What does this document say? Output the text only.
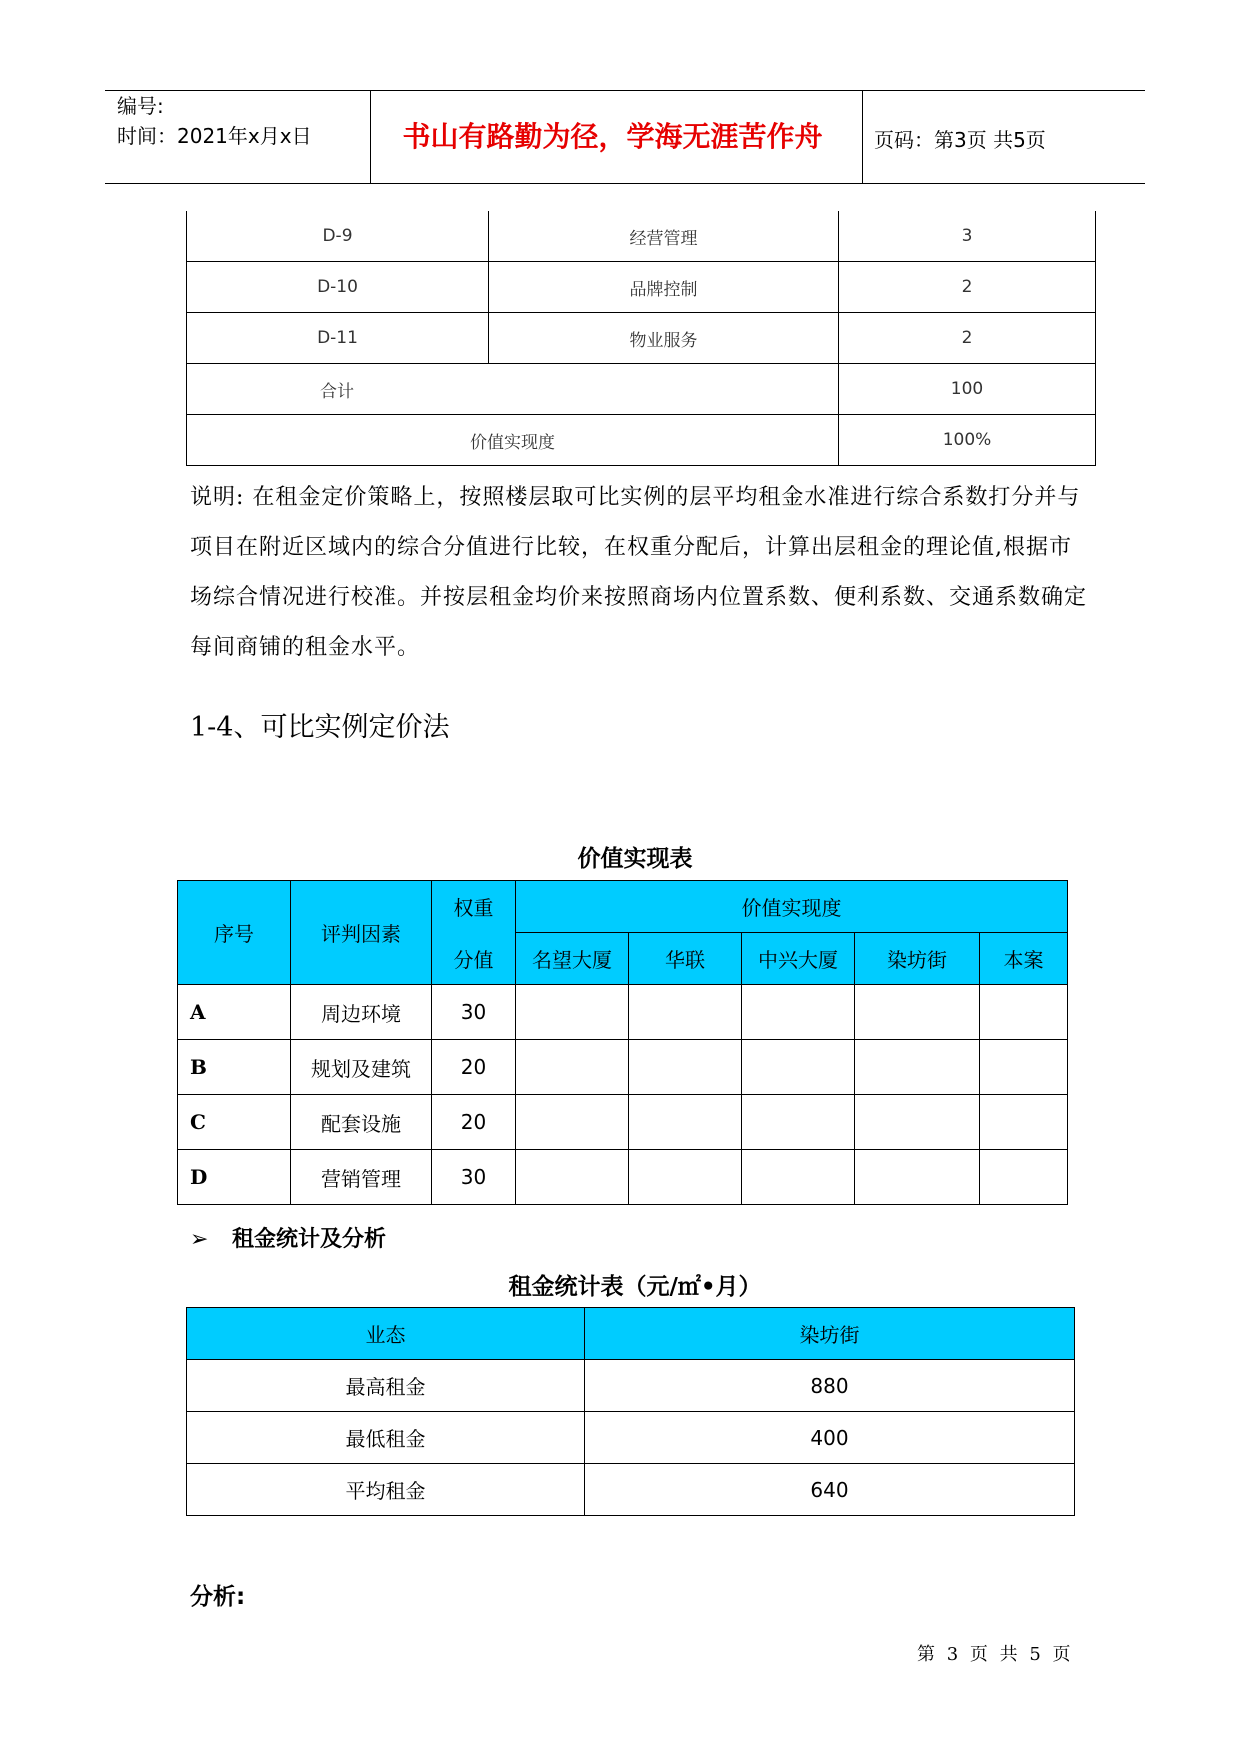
编号:
时间：2021年x月x日	书山有路勤为径，学海无涯苦作舟	页码：第3页 共5页
D-9	经营管理	3
D-10	品牌控制	2
D-11	物业服务	2
合计		100
价值实现度		100%
说明: 在租金定价策略上，按照楼层取可比实例的层平均租金水准进行综合系数打分并与项目在附近区域内的综合分值进行比较，在权重分配后，计算出层租金的理论值,根据市场综合情况进行校准。并按层租金均价来按照商场内位置系数、便利系数、交通系数确定每间商铺的租金水平。
1-4、可比实例定价法
价值实现表
序号	评判因素	权重	价值实现度				
		分值	名望大厦	华联	中兴大厦	染坊街	本案
A	周边环境	30					
B	规划及建筑	20					
C	配套设施	20					
D	营销管理	30					
➢ 租金统计及分析
租金统计表（元/㎡•月）
业态	染坊街
最高租金	880
最低租金	400
平均租金	640
分析:
第 3 页 共 5 页
